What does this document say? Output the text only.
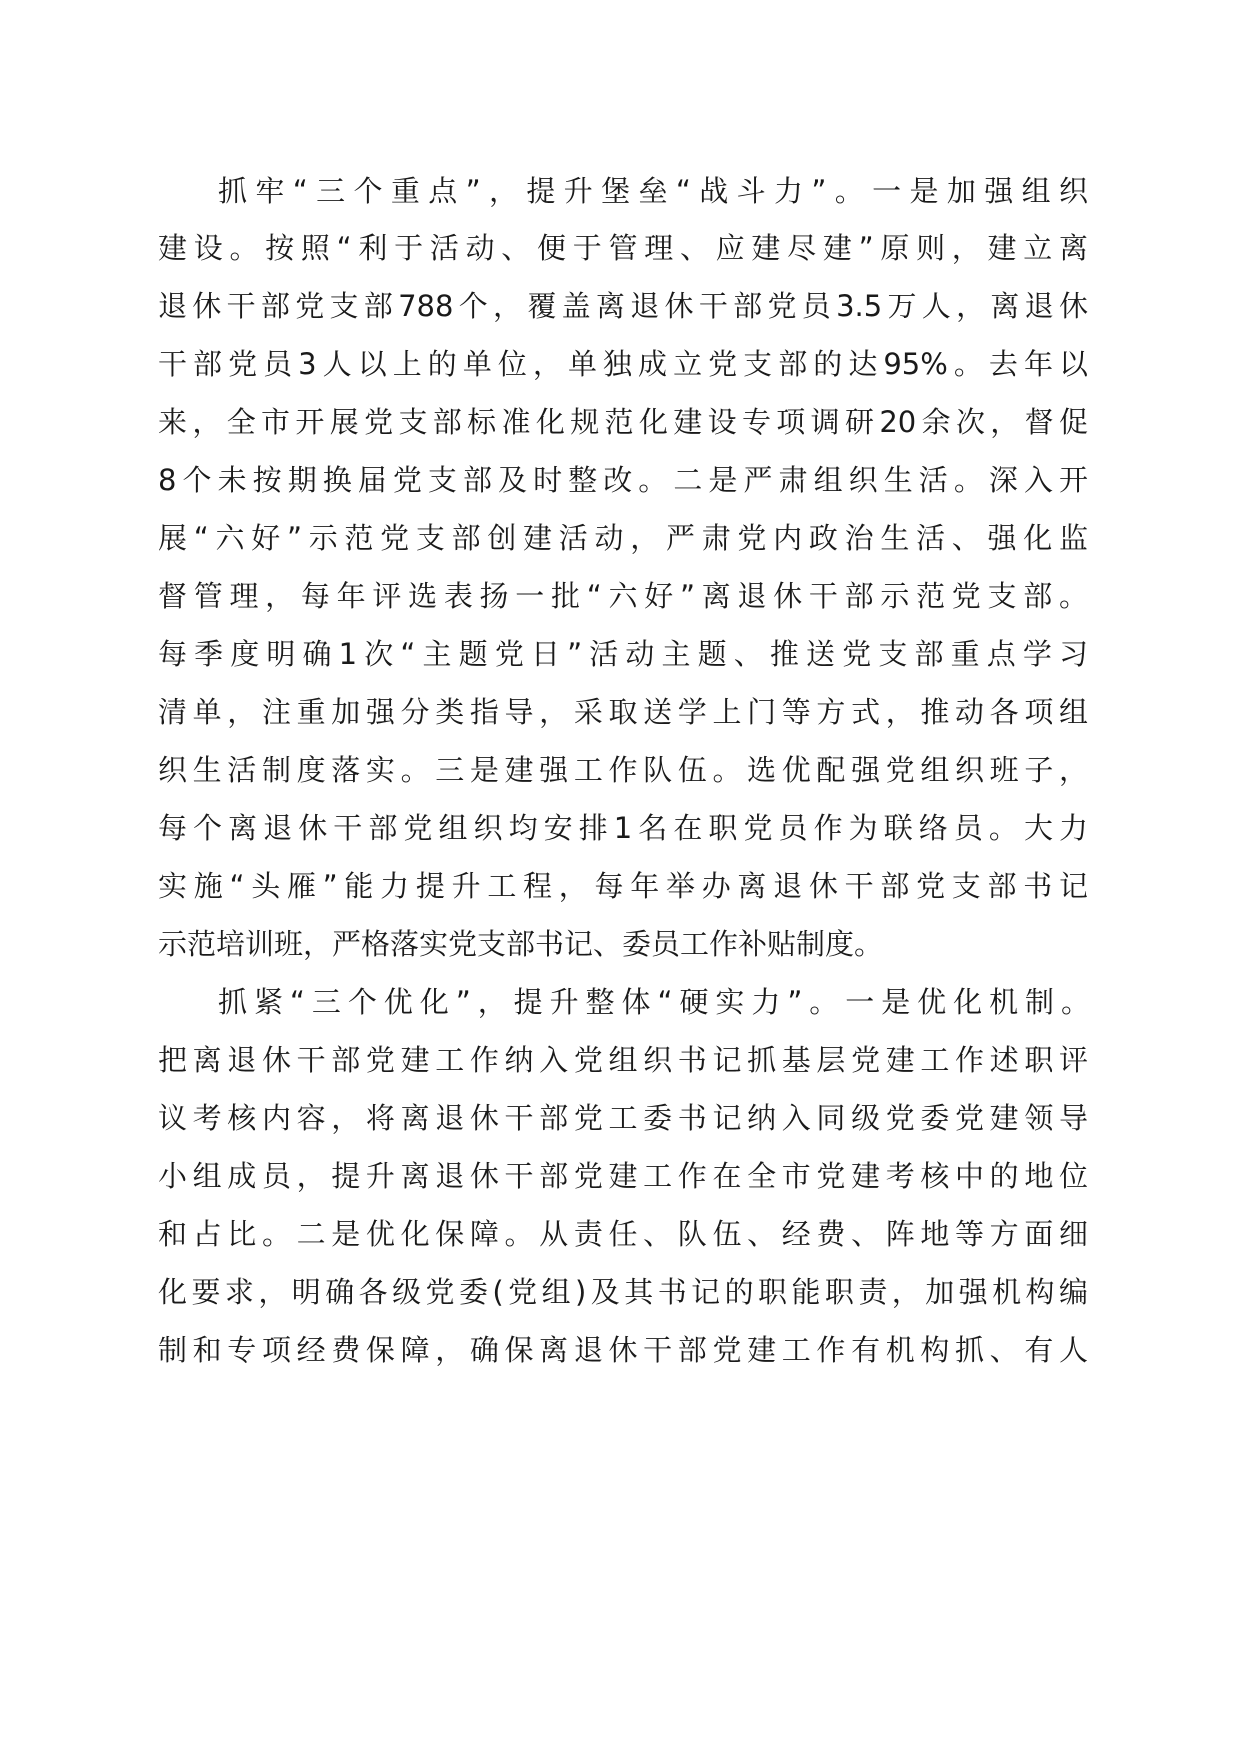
抓牢“三个重点”，提升堡垒“战斗力”。一是加强组织
建设。按照“利于活动、便于管理、应建尽建”原则，建立离
退休干部党支部788个，覆盖离退休干部党员3.5万人，离退休
干部党员3人以上的单位，单独成立党支部的达95%。去年以
来，全市开展党支部标准化规范化建设专项调研20余次，督促
8个未按期换届党支部及时整改。二是严肃组织生活。深入开
展“六好”示范党支部创建活动，严肃党内政治生活、强化监
督管理，每年评选表扬一批“六好”离退休干部示范党支部。
每季度明确1次“主题党日”活动主题、推送党支部重点学习
清单，注重加强分类指导，采取送学上门等方式，推动各项组
织生活制度落实。三是建强工作队伍。选优配强党组织班子，
每个离退休干部党组织均安排1名在职党员作为联络员。大力
实施“头雁”能力提升工程，每年举办离退休干部党支部书记
示范培训班，严格落实党支部书记、委员工作补贴制度。
抓紧“三个优化”，提升整体“硬实力”。一是优化机制。
把离退休干部党建工作纳入党组织书记抓基层党建工作述职评
议考核内容，将离退休干部党工委书记纳入同级党委党建领导
小组成员，提升离退休干部党建工作在全市党建考核中的地位
和占比。二是优化保障。从责任、队伍、经费、阵地等方面细
化要求，明确各级党委(党组)及其书记的职能职责，加强机构编
制和专项经费保障，确保离退休干部党建工作有机构抓、有人
